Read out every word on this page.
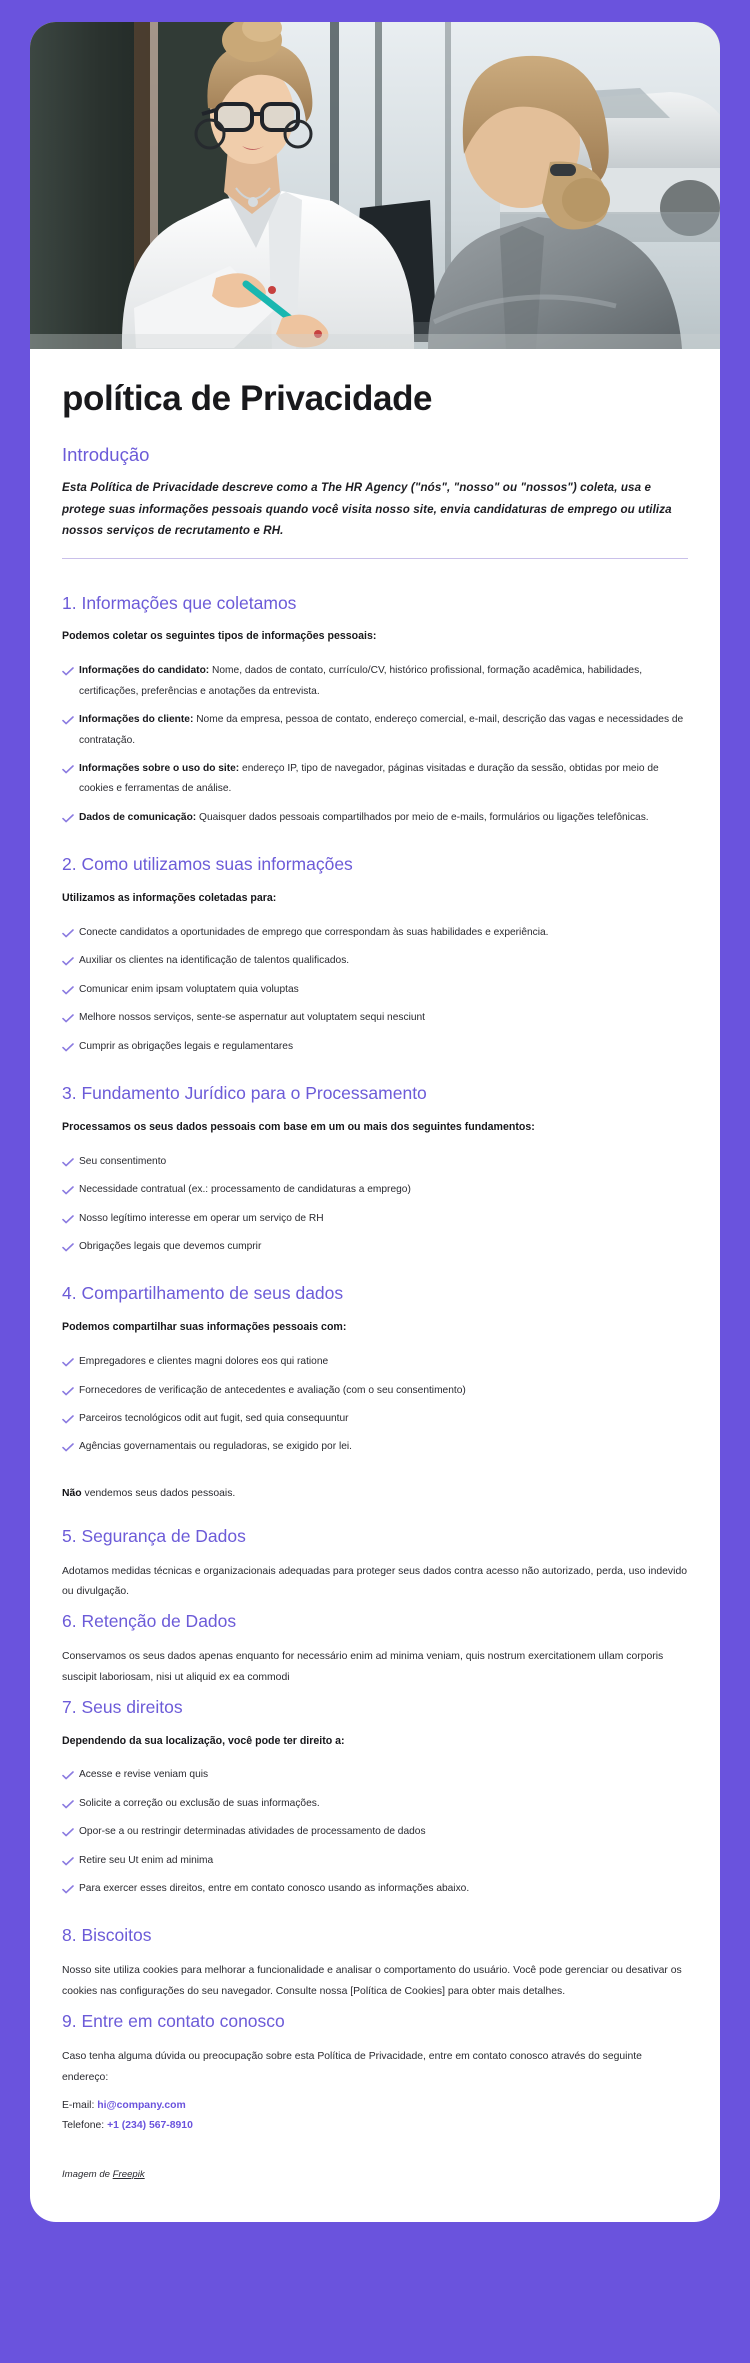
política de Privacidade
Introdução

Esta Política de Privacidade descreve como a The HR Agency ("nós", "nosso" ou "nossos") coleta, usa e protege suas informações pessoais quando você visita nosso site, envia candidaturas de emprego ou utiliza nossos serviços de recrutamento e RH.

1. Informações que coletamos

Podemos coletar os seguintes tipos de informações pessoais:

Informações do candidato: Nome, dados de contato, currículo/CV, histórico profissional, formação acadêmica, habilidades, certificações, preferências e anotações da entrevista.
Informações do cliente: Nome da empresa, pessoa de contato, endereço comercial, e-mail, descrição das vagas e necessidades de contratação.
Informações sobre o uso do site: endereço IP, tipo de navegador, páginas visitadas e duração da sessão, obtidas por meio de cookies e ferramentas de análise.
Dados de comunicação: Quaisquer dados pessoais compartilhados por meio de e-mails, formulários ou ligações telefônicas.
2. Como utilizamos suas informações

Utilizamos as informações coletadas para:

Conecte candidatos a oportunidades de emprego que correspondam às suas habilidades e experiência.
Auxiliar os clientes na identificação de talentos qualificados.
Comunicar enim ipsam voluptatem quia voluptas
Melhore nossos serviços, sente-se aspernatur aut voluptatem sequi nesciunt
Cumprir as obrigações legais e regulamentares
3. Fundamento Jurídico para o Processamento

Processamos os seus dados pessoais com base em um ou mais dos seguintes fundamentos:

Seu consentimento
Necessidade contratual (ex.: processamento de candidaturas a emprego)
Nosso legítimo interesse em operar um serviço de RH
Obrigações legais que devemos cumprir
4. Compartilhamento de seus dados

Podemos compartilhar suas informações pessoais com:

Empregadores e clientes magni dolores eos qui ratione
Fornecedores de verificação de antecedentes e avaliação (com o seu consentimento)
Parceiros tecnológicos odit aut fugit, sed quia consequuntur
Agências governamentais ou reguladoras, se exigido por lei.

Não vendemos seus dados pessoais.

5. Segurança de Dados

Adotamos medidas técnicas e organizacionais adequadas para proteger seus dados contra acesso não autorizado, perda, uso indevido ou divulgação.

6. Retenção de Dados

Conservamos os seus dados apenas enquanto for necessário enim ad minima veniam, quis nostrum exercitationem ullam corporis suscipit laboriosam, nisi ut aliquid ex ea commodi

7. Seus direitos

Dependendo da sua localização, você pode ter direito a:

Acesse e revise veniam quis
Solicite a correção ou exclusão de suas informações.
Opor-se a ou restringir determinadas atividades de processamento de dados
Retire seu Ut enim ad minima
Para exercer esses direitos, entre em contato conosco usando as informações abaixo.
8. Biscoitos

Nosso site utiliza cookies para melhorar a funcionalidade e analisar o comportamento do usuário. Você pode gerenciar ou desativar os cookies nas configurações do seu navegador. Consulte nossa [Política de Cookies] para obter mais detalhes.

9. Entre em contato conosco

Caso tenha alguma dúvida ou preocupação sobre esta Política de Privacidade, entre em contato conosco através do seguinte endereço:

E-mail: hi@company.com
Telefone: +1 (234) 567-8910
Imagem de Freepik
